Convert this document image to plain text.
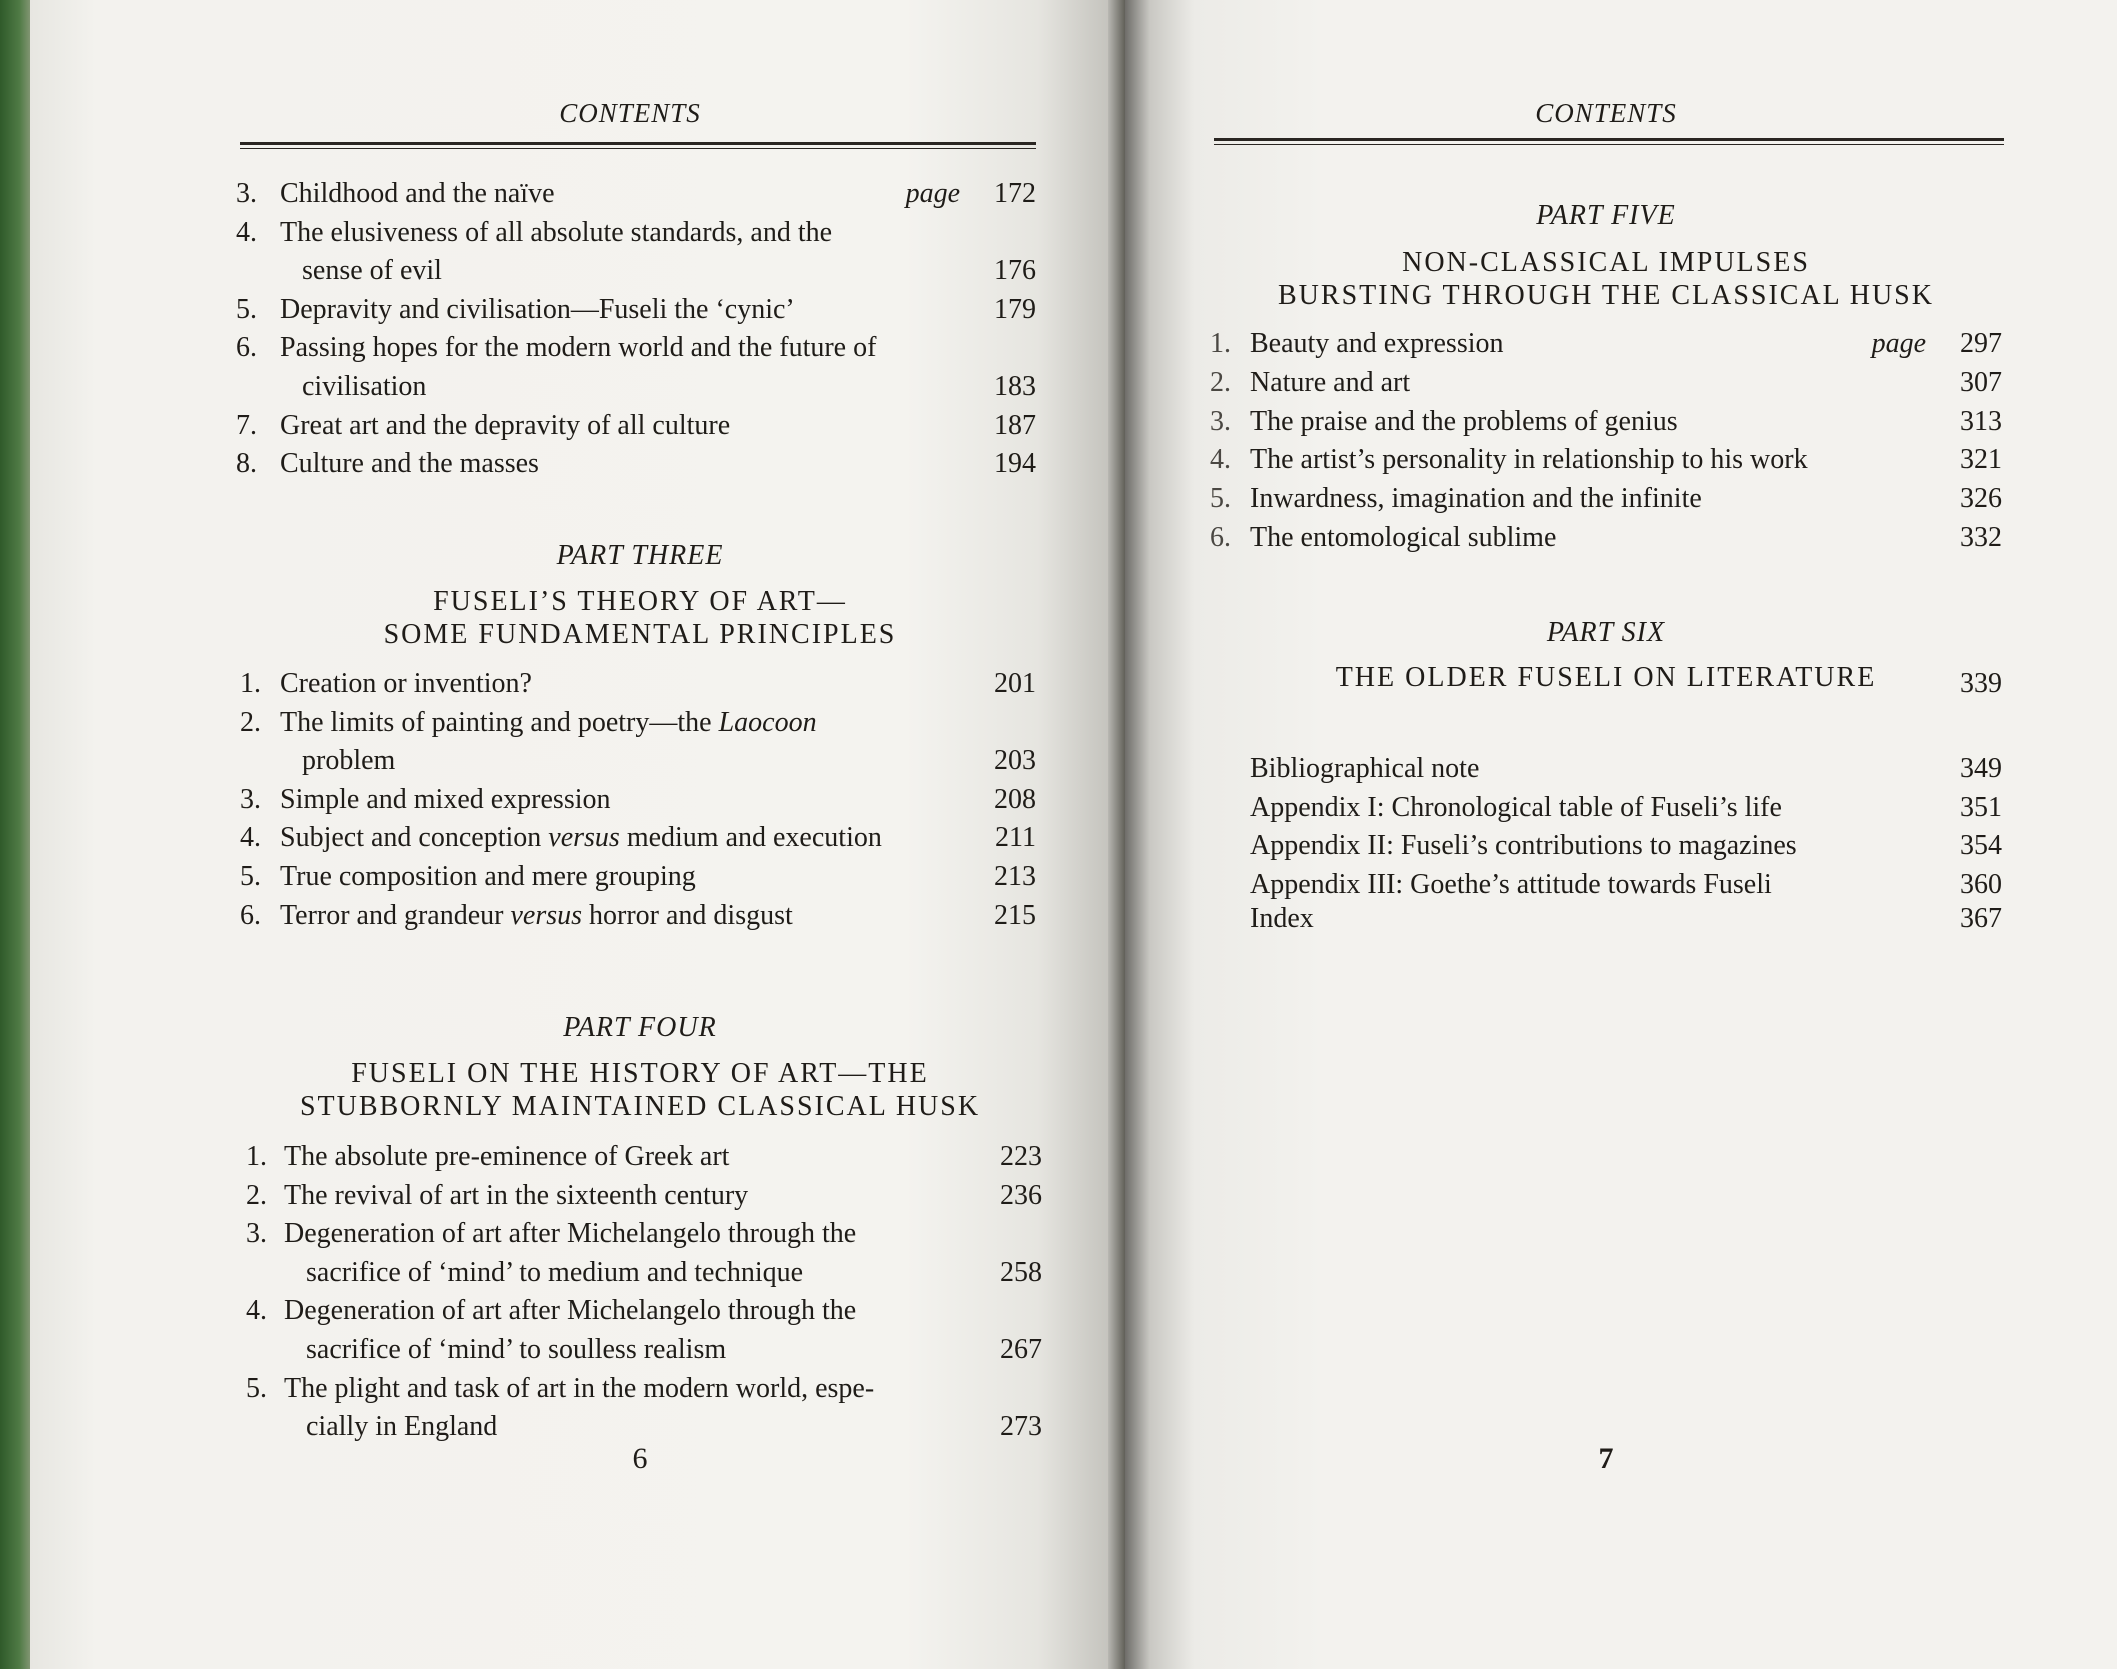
CONTENTS
3. Childhood and the naïve	page	172
4. The elusiveness of all absolute standards, and the
sense of evil	176
5. Depravity and civilisation—Fuseli the ‘cynic’	179
6. Passing hopes for the modern world and the future of
civilisation	183
7. Great art and the depravity of all culture	187
8. Culture and the masses	194
PART THREE
FUSELI’S THEORY OF ART—
SOME FUNDAMENTAL PRINCIPLES
1. Creation or invention?	201
2. The limits of painting and poetry—the Laocoon
problem	203
3. Simple and mixed expression	208
4. Subject and conception versus medium and execution	211
5. True composition and mere grouping	213
6. Terror and grandeur versus horror and disgust	215
PART FOUR
FUSELI ON THE HISTORY OF ART—THE
STUBBORNLY MAINTAINED CLASSICAL HUSK
1. The absolute pre-eminence of Greek art	223
2. The revival of art in the sixteenth century	236
3. Degeneration of art after Michelangelo through the
sacrifice of ‘mind’ to medium and technique	258
4. Degeneration of art after Michelangelo through the
sacrifice of ‘mind’ to soulless realism	267
5. The plight and task of art in the modern world, espe-
cially in England	273
6
CONTENTS
PART FIVE
NON-CLASSICAL IMPULSES
BURSTING THROUGH THE CLASSICAL HUSK
1. Beauty and expression	page	297
2. Nature and art	307
3. The praise and the problems of genius	313
4. The artist’s personality in relationship to his work	321
5. Inwardness, imagination and the infinite	326
6. The entomological sublime	332
PART SIX
THE OLDER FUSELI ON LITERATURE	339
Bibliographical note	349
Appendix I: Chronological table of Fuseli’s life	351
Appendix II: Fuseli’s contributions to magazines	354
Appendix III: Goethe’s attitude towards Fuseli	360
Index	367
7
